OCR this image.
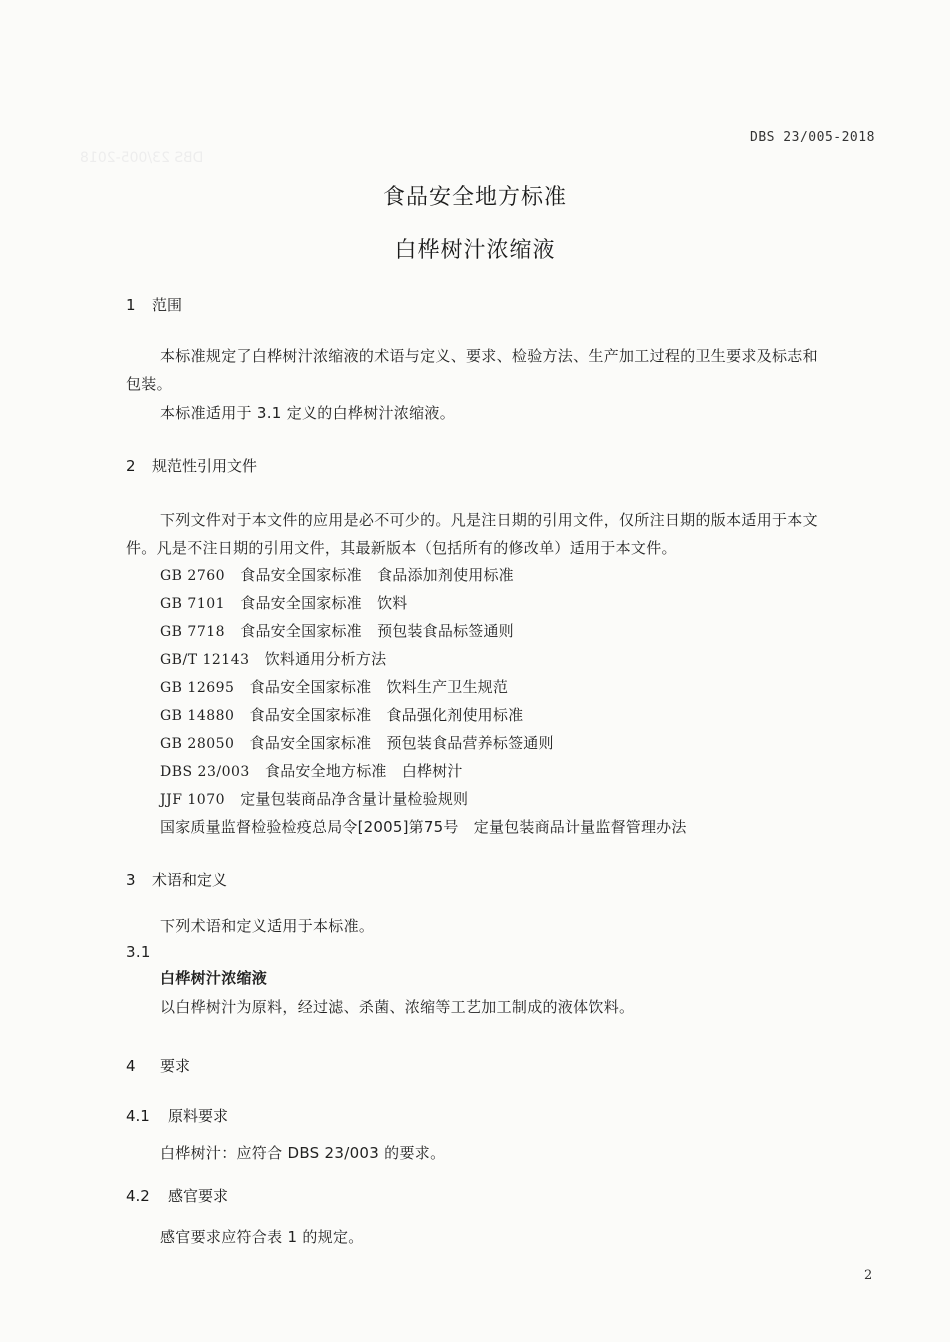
DBS 23/005-2018
DBS 23/005-2018
食品安全地方标准
白桦树汁浓缩液
1 范围
本标准规定了白桦树汁浓缩液的术语与定义、要求、检验方法、生产加工过程的卫生要求及标志和
包装。
本标准适用于 3.1 定义的白桦树汁浓缩液。
2 规范性引用文件
下列文件对于本文件的应用是必不可少的。凡是注日期的引用文件，仅所注日期的版本适用于本文
件。凡是不注日期的引用文件，其最新版本（包括所有的修改单）适用于本文件。
GB 2760　 食品安全国家标准　食品添加剂使用标准
GB 7101　 食品安全国家标准　饮料
GB 7718　 食品安全国家标准　预包装食品标签通则
GB/T 12143　 饮料通用分析方法
GB 12695　 食品安全国家标准　饮料生产卫生规范
GB 14880　 食品安全国家标准　食品强化剂使用标准
GB 28050　 食品安全国家标准　预包装食品营养标签通则
DBS 23/003　 食品安全地方标准　白桦树汁
JJF 1070　 定量包装商品净含量计量检验规则
国家质量监督检验检疫总局令[2005]第75号　 定量包装商品计量监督管理办法
3 术语和定义
下列术语和定义适用于本标准。
3.1
白桦树汁浓缩液
以白桦树汁为原料，经过滤、杀菌、浓缩等工艺加工制成的液体饮料。
4 要求
4.1 原料要求
白桦树汁：应符合 DBS 23/003 的要求。
4.2 感官要求
感官要求应符合表 1 的规定。
2
